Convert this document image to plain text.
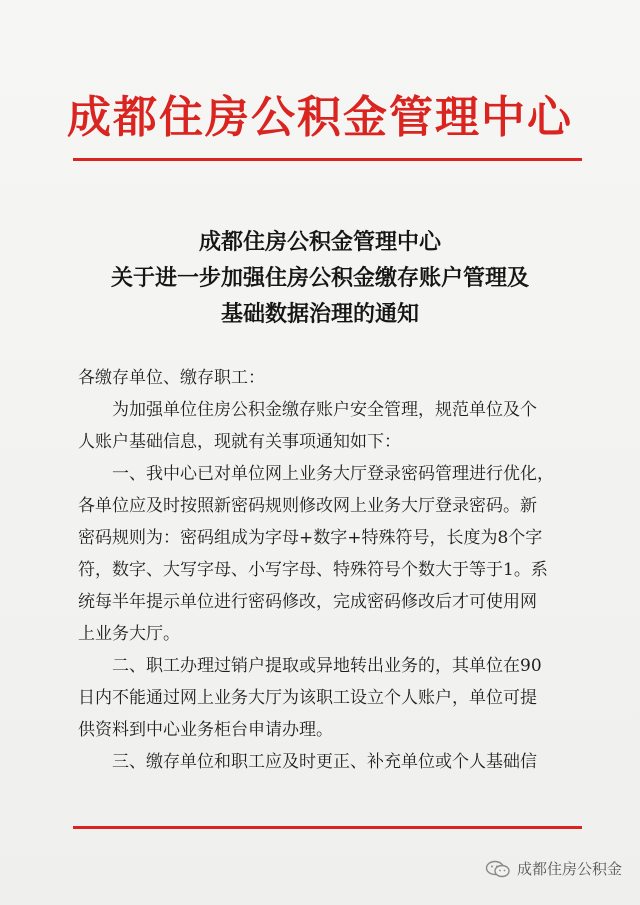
成都住房公积金管理中心
成都住房公积金管理中心
关于进一步加强住房公积金缴存账户管理及
基础数据治理的通知
各缴存单位、缴存职工：
　　为加强单位住房公积金缴存账户安全管理，规范单位及个
人账户基础信息，现就有关事项通知如下：
　　一、我中心已对单位网上业务大厅登录密码管理进行优化，
各单位应及时按照新密码规则修改网上业务大厅登录密码。新
密码规则为：密码组成为字母+数字+特殊符号，长度为8个字
符，数字、大写字母、小写字母、特殊符号个数大于等于1。系
统每半年提示单位进行密码修改，完成密码修改后才可使用网
上业务大厅。
　　二、职工办理过销户提取或异地转出业务的，其单位在90
日内不能通过网上业务大厅为该职工设立个人账户，单位可提
供资料到中心业务柜台申请办理。
　　三、缴存单位和职工应及时更正、补充单位或个人基础信
成都住房公积金
